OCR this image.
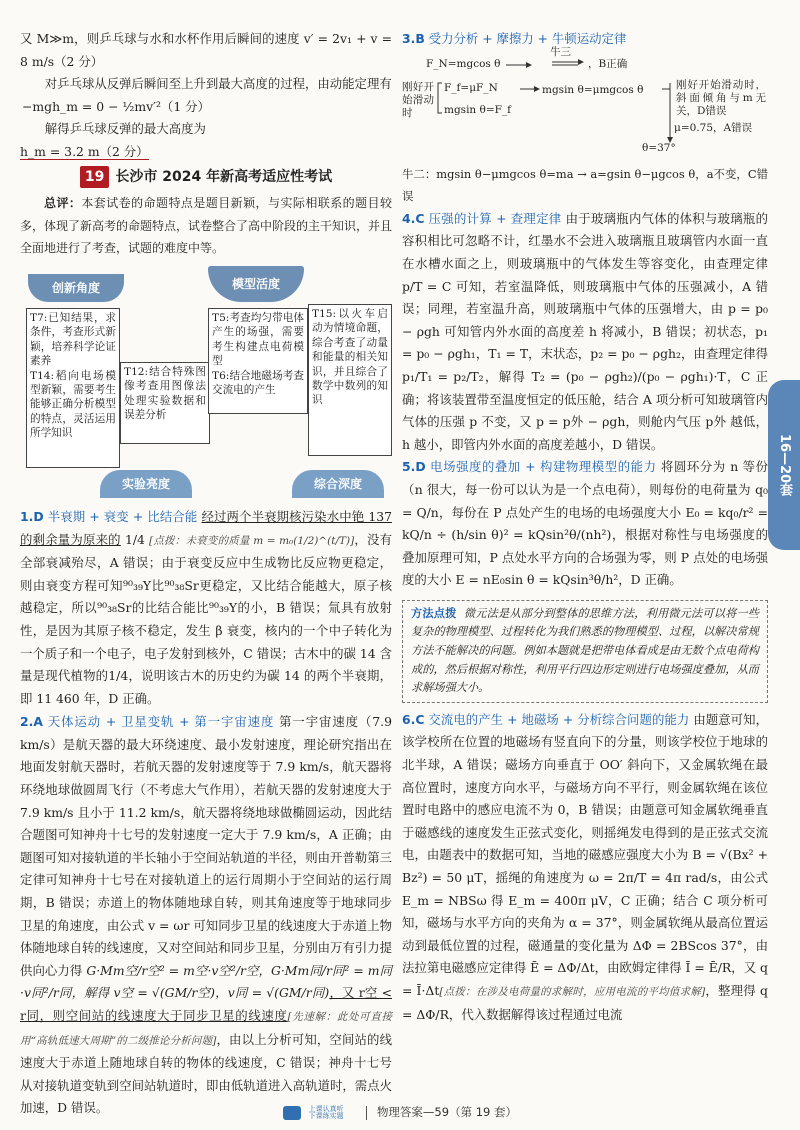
又 M≫m，则乒乓球与水和水杯作用后瞬间的速度 v′ = 2v₁ + v = 8 m/s（2 分）

对乒乓球从反弹后瞬间至上升到最大高度的过程，由动能定理有

−mgh_m = 0 − ½mv′²（1 分）

解得乒乓球反弹的最大高度为

h_m = 3.2 m（2 分）

19 长沙市 2024 年新高考适应性考试

总评：本套试卷的命题特点是题目新颖，与实际相联系的题目较多，体现了新高考的命题特点，试卷整合了高中阶段的主干知识，并且全面地进行了考查，试题的难度中等。

创新角度	模型活度
实验亮度	综合深度
T7:已知结果，求条件，考查形式新颖，培养科学论证素养
T14:稻向电场模型新颖，需要考生能够正确分析模型的特点，灵活运用所学知识
T12:结合特殊图像考查用图像法处理实验数据和误差分析
T5:考查均匀带电体产生的场强，需要考生构建点电荷模型
T6:结合地磁场考查交流电的产生
T15:以火车启动为情境命题，综合考查了动量和能量的相关知识，并且综合了数学中数列的知识

1.D 半衰期 + 衰变 + 比结合能 经过两个半衰期核污染水中铯 137 的剩余量为原来的 1/4 [点拨：未衰变的质量 m = m₀(1/2)^(t/T)]，没有全部衰减殆尽，A 错误；由于衰变反应中生成物比反应物更稳定，则由衰变方程可知⁹⁰₃₉Y比⁹⁰₃₈Sr更稳定，又比结合能越大，原子核越稳定，所以⁹⁰₃₈Sr的比结合能比⁹⁰₃₉Y的小，B 错误；氚具有放射性，是因为其原子核不稳定，发生 β 衰变，核内的一个中子转化为一个质子和一个电子，电子发射到核外，C 错误；古木中的碳 14 含量是现代植物的1/4，说明该古木的历史约为碳 14 的两个半衰期，即 11 460 年，D 正确。

2.A 天体运动 + 卫星变轨 + 第一宇宙速度 第一宇宙速度（7.9 km/s）是航天器的最大环绕速度、最小发射速度，理论研究指出在地面发射航天器时，若航天器的发射速度等于 7.9 km/s，航天器将环绕地球做圆周飞行（不考虑大气作用），若航天器的发射速度大于 7.9 km/s 且小于 11.2 km/s，航天器将绕地球做椭圆运动，因此结合题图可知神舟十七号的发射速度一定大于 7.9 km/s，A 正确；由题图可知对接轨道的半长轴小于空间站轨道的半径，则由开普勒第三定律可知神舟十七号在对接轨道上的运行周期小于空间站的运行周期，B 错误；赤道上的物体随地球自转，则其角速度等于地球同步卫星的角速度，由公式 v = ωr 可知同步卫星的线速度大于赤道上物体随地球自转的线速度，又对空间站和同步卫星，分别由万有引力提供向心力得 G·Mm空/r空² = m空·v空²/r空，G·Mm同/r同² = m同·v同²/r同，解得 v空 = √(GM/r空)，v同 = √(GM/r同)，又 r空 < r同，则空间站的线速度大于同步卫星的线速度[先速解：此处可直接用“高轨低速大周期”的二级推论分析问题]，由以上分析可知，空间站的线速度大于赤道上随地球自转的物体的线速度，C 错误；神舟十七号从对接轨道变轨到空间站轨道时，即由低轨道进入高轨道时，需点火加速，D 错误。

3.B 受力分析 + 摩擦力 + 牛顿运动定律

F_N=mgcos θ
牛三
，B正确
刚好开始滑动时
F_f=μF_N
mgsin θ=F_f
mgsin θ=μmgcos θ	刚好开始滑动时，斜面倾角与m无关，D错误
μ=0.75，A错误
θ=37°

牛二：mgsin θ−μmgcos θ=ma → a=gsin θ−μgcos θ，a不变，C错误

4.C 压强的计算 + 查理定律 由于玻璃瓶内气体的体积与玻璃瓶的容积相比可忽略不计，红墨水不会进入玻璃瓶且玻璃管内水面一直在水槽水面之上，则玻璃瓶中的气体发生等容变化，由查理定律 p/T = C 可知，若室温降低，则玻璃瓶中气体的压强减小，A 错误；同理，若室温升高，则玻璃瓶中气体的压强增大，由 p = p₀ − ρgh 可知管内外水面的高度差 h 将减小，B 错误；初状态，p₁ = p₀ − ρgh₁，T₁ = T，末状态，p₂ = p₀ − ρgh₂，由查理定律得 p₁/T₁ = p₂/T₂，解得 T₂ = (p₀ − ρgh₂)/(p₀ − ρgh₁)·T，C 正确；将该装置带至温度恒定的低压舱，结合 A 项分析可知玻璃管内气体的压强 p 不变，又 p = p外 − ρgh，则舱内气压 p外 越低，h 越小，即管内外水面的高度差越小，D 错误。

5.D 电场强度的叠加 + 构建物理模型的能力 将圆环分为 n 等份（n 很大，每一份可以认为是一个点电荷），则每份的电荷量为 q₀ = Q/n，每份在 P 点处产生的电场的电场强度大小 E₀ = kq₀/r² = kQ/n ÷ (h/sin θ)² = kQsin²θ/(nh²)，根据对称性与电场强度的叠加原理可知，P 点处水平方向的合场强为零，则 P 点处的电场强度的大小 E = nE₀sin θ = kQsin³θ/h²，D 正确。

方法点拨 微元法是从部分到整体的思维方法，利用微元法可以将一些复杂的物理模型、过程转化为我们熟悉的物理模型、过程，以解决常规方法不能解决的问题。例如本题就是把带电体看成是由无数个点电荷构成的，然后根据对称性，利用平行四边形定则进行电场强度叠加，从而求解场强大小。

6.C 交流电的产生 + 地磁场 + 分析综合问题的能力 由题意可知，该学校所在位置的地磁场有竖直向下的分量，则该学校位于地球的北半球，A 错误；磁场方向垂直于 OO′ 斜向下，又金属软绳在最高位置时，速度方向水平，与磁场方向不平行，则金属软绳在该位置时电路中的感应电流不为 0，B 错误；由题意可知金属软绳垂直于磁感线的速度发生正弦式变化，则摇绳发电得到的是正弦式交流电，由题表中的数据可知，当地的磁感应强度大小为 B = √(Bx² + Bz²) = 50 μT，摇绳的角速度为 ω = 2π/T = 4π rad/s，由公式 E_m = NBSω 得 E_m = 400π μV，C 正确；结合 C 项分析可知，磁场与水平方向的夹角为 α = 37°，则金属软绳从最高位置运动到最低位置的过程，磁通量的变化量为 ΔΦ = 2BScos 37°，由法拉第电磁感应定律得 Ē = ΔΦ/Δt，由欧姆定律得 Ī = Ē/R，又 q = Ī·Δt[点拨：在涉及电荷量的求解时，应用电流的平均值求解]，整理得 q = ΔΦ/R，代入数据解得该过程通过电流

16—20套
上课认真听 下课练实题	物理答案—59（第 19 套）
